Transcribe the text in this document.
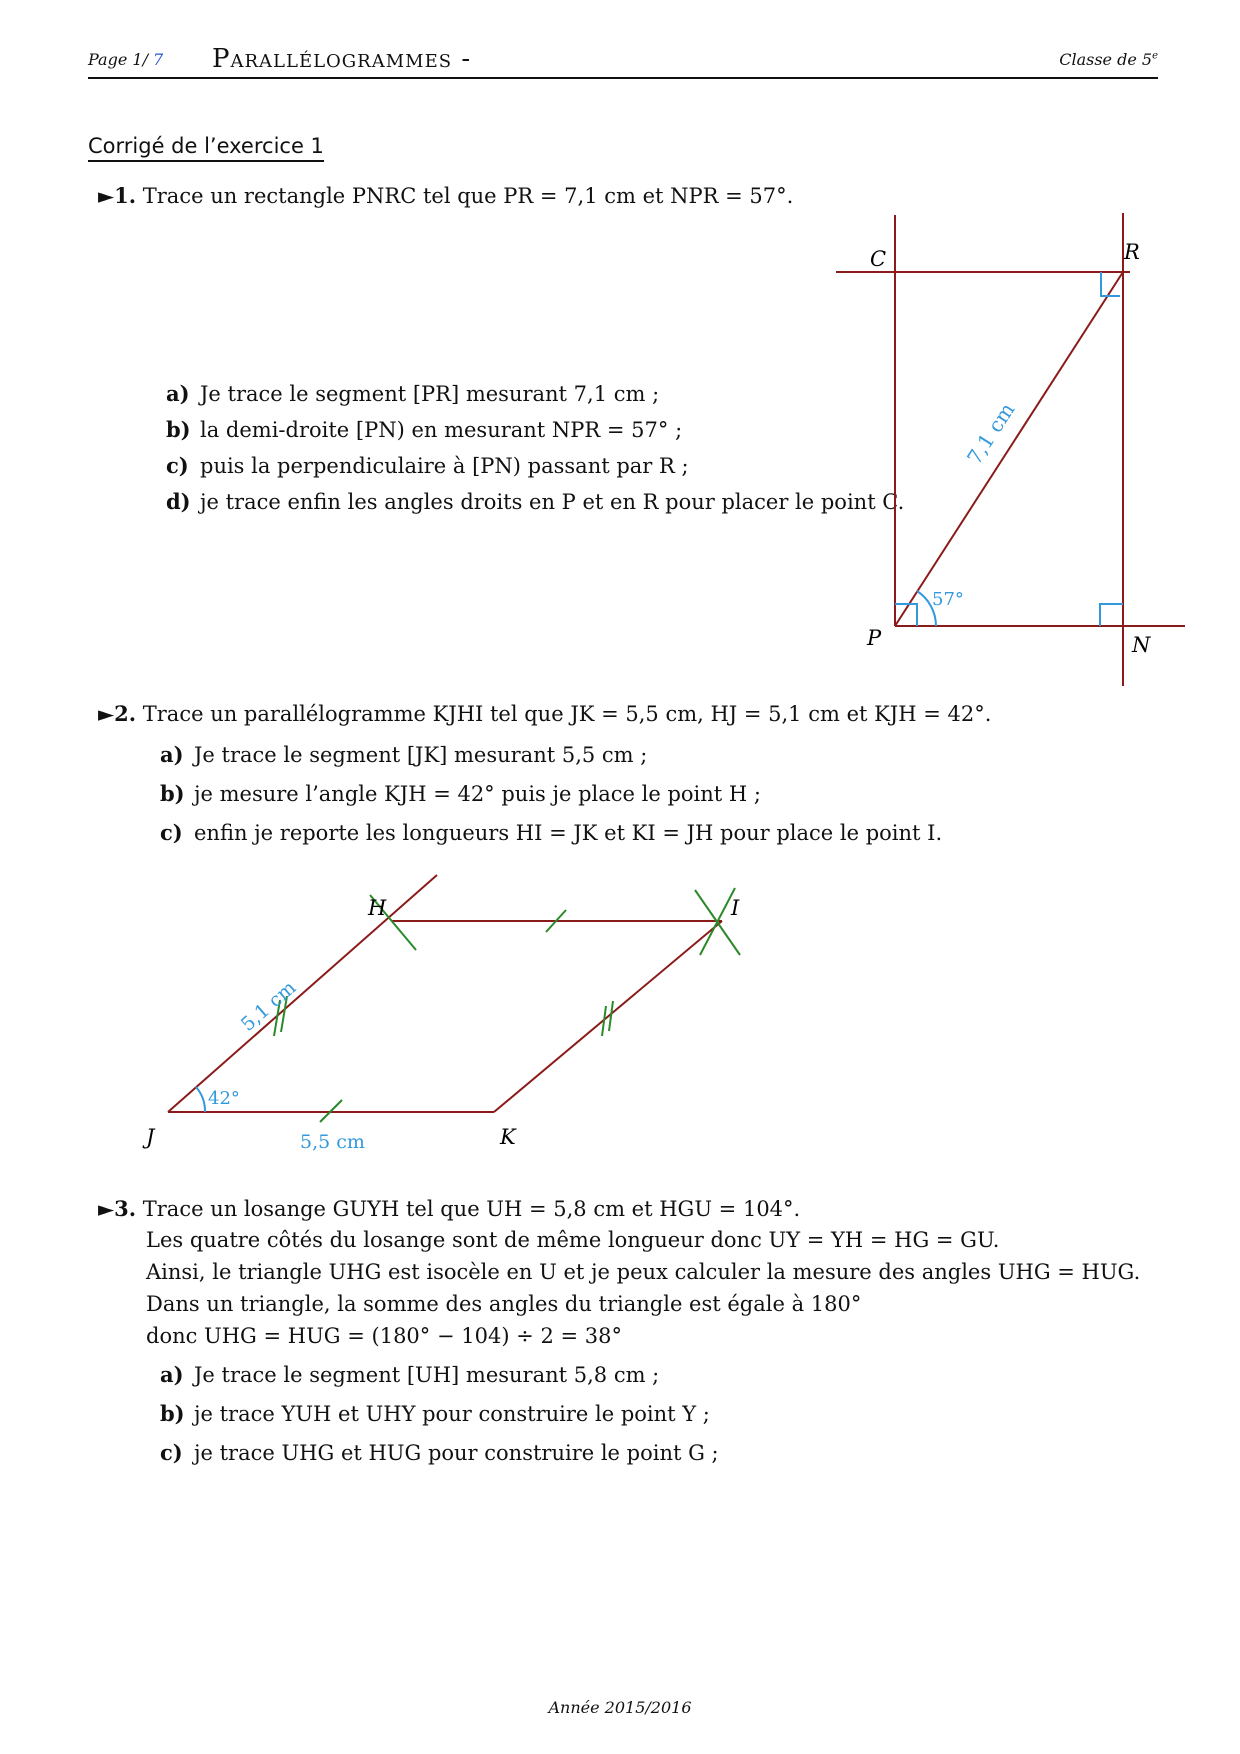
Page 1/ 7 Parallélogrammes -	Classe de 5e
Corrigé de l’exercice 1
►1. Trace un rectangle PNRC tel que PR = 7,1 cm et NPR = 57°.
a) Je trace le segment [PR] mesurant 7,1 cm ;
b) la demi-droite [PN) en mesurant NPR = 57° ;
c) puis la perpendiculaire à [PN) passant par R ;
d) je trace enfin les angles droits en P et en R pour placer le point C.
C	R
P	N
7,1 cm
57°
►2. Trace un parallélogramme KJHI tel que JK = 5,5 cm, HJ = 5,1 cm et KJH = 42°.
a) Je trace le segment [JK] mesurant 5,5 cm ;
b) je mesure l’angle KJH = 42° puis je place le point H ;
c) enfin je reporte les longueurs HI = JK et KI = JH pour place le point I.
H	I
J	K
5,1 cm
5,5 cm
42°
►3. Trace un losange GUYH tel que UH = 5,8 cm et HGU = 104°.
Les quatre côtés du losange sont de même longueur donc UY = YH = HG = GU.
Ainsi, le triangle UHG est isocèle en U et je peux calculer la mesure des angles UHG = HUG.
Dans un triangle, la somme des angles du triangle est égale à 180°
donc UHG = HUG = (180° − 104) ÷ 2 = 38°
a) Je trace le segment [UH] mesurant 5,8 cm ;
b) je trace YUH et UHY pour construire le point Y ;
c) je trace UHG et HUG pour construire le point G ;
Année 2015/2016
